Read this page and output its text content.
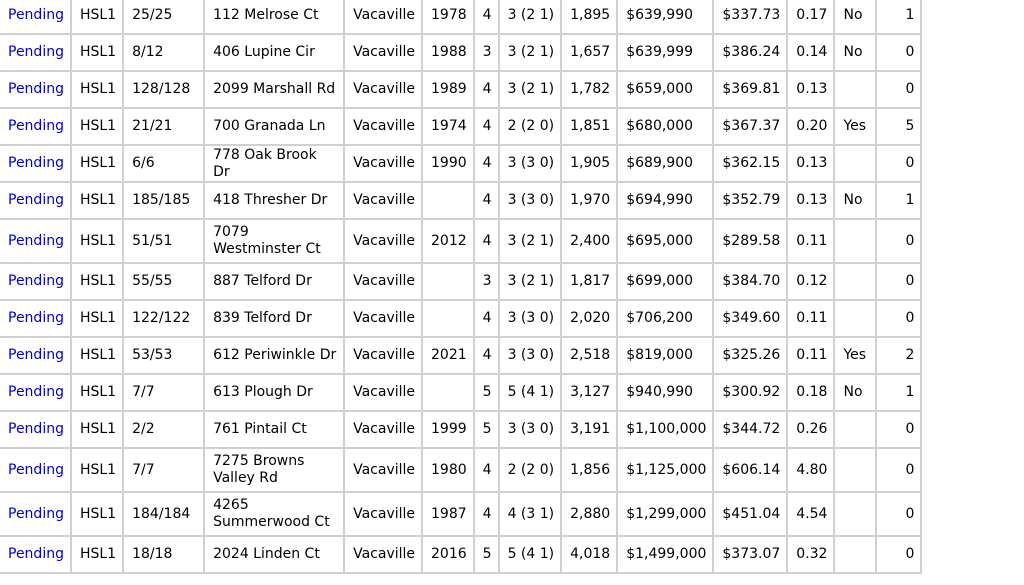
Pending	HSL1	25/25	112 Melrose Ct	Vacaville	1978	4	3 (2 1)	1,895	$639,990	$337.73	0.17	No	1
Pending	HSL1	8/12	406 Lupine Cir	Vacaville	1988	3	3 (2 1)	1,657	$639,999	$386.24	0.14	No	0
Pending	HSL1	128/128	2099 Marshall Rd	Vacaville	1989	4	3 (2 1)	1,782	$659,000	$369.81	0.13		0
Pending	HSL1	21/21	700 Granada Ln	Vacaville	1974	4	2 (2 0)	1,851	$680,000	$367.37	0.20	Yes	5
Pending	HSL1	6/6	778 Oak Brook Dr	Vacaville	1990	4	3 (3 0)	1,905	$689,900	$362.15	0.13		0
Pending	HSL1	185/185	418 Thresher Dr	Vacaville		4	3 (3 0)	1,970	$694,990	$352.79	0.13	No	1
Pending	HSL1	51/51	7079 Westminster Ct	Vacaville	2012	4	3 (2 1)	2,400	$695,000	$289.58	0.11		0
Pending	HSL1	55/55	887 Telford Dr	Vacaville		3	3 (2 1)	1,817	$699,000	$384.70	0.12		0
Pending	HSL1	122/122	839 Telford Dr	Vacaville		4	3 (3 0)	2,020	$706,200	$349.60	0.11		0
Pending	HSL1	53/53	612 Periwinkle Dr	Vacaville	2021	4	3 (3 0)	2,518	$819,000	$325.26	0.11	Yes	2
Pending	HSL1	7/7	613 Plough Dr	Vacaville		5	5 (4 1)	3,127	$940,990	$300.92	0.18	No	1
Pending	HSL1	2/2	761 Pintail Ct	Vacaville	1999	5	3 (3 0)	3,191	$1,100,000	$344.72	0.26		0
Pending	HSL1	7/7	7275 Browns Valley Rd	Vacaville	1980	4	2 (2 0)	1,856	$1,125,000	$606.14	4.80		0
Pending	HSL1	184/184	4265 Summerwood Ct	Vacaville	1987	4	4 (3 1)	2,880	$1,299,000	$451.04	4.54		0
Pending	HSL1	18/18	2024 Linden Ct	Vacaville	2016	5	5 (4 1)	4,018	$1,499,000	$373.07	0.32		0
